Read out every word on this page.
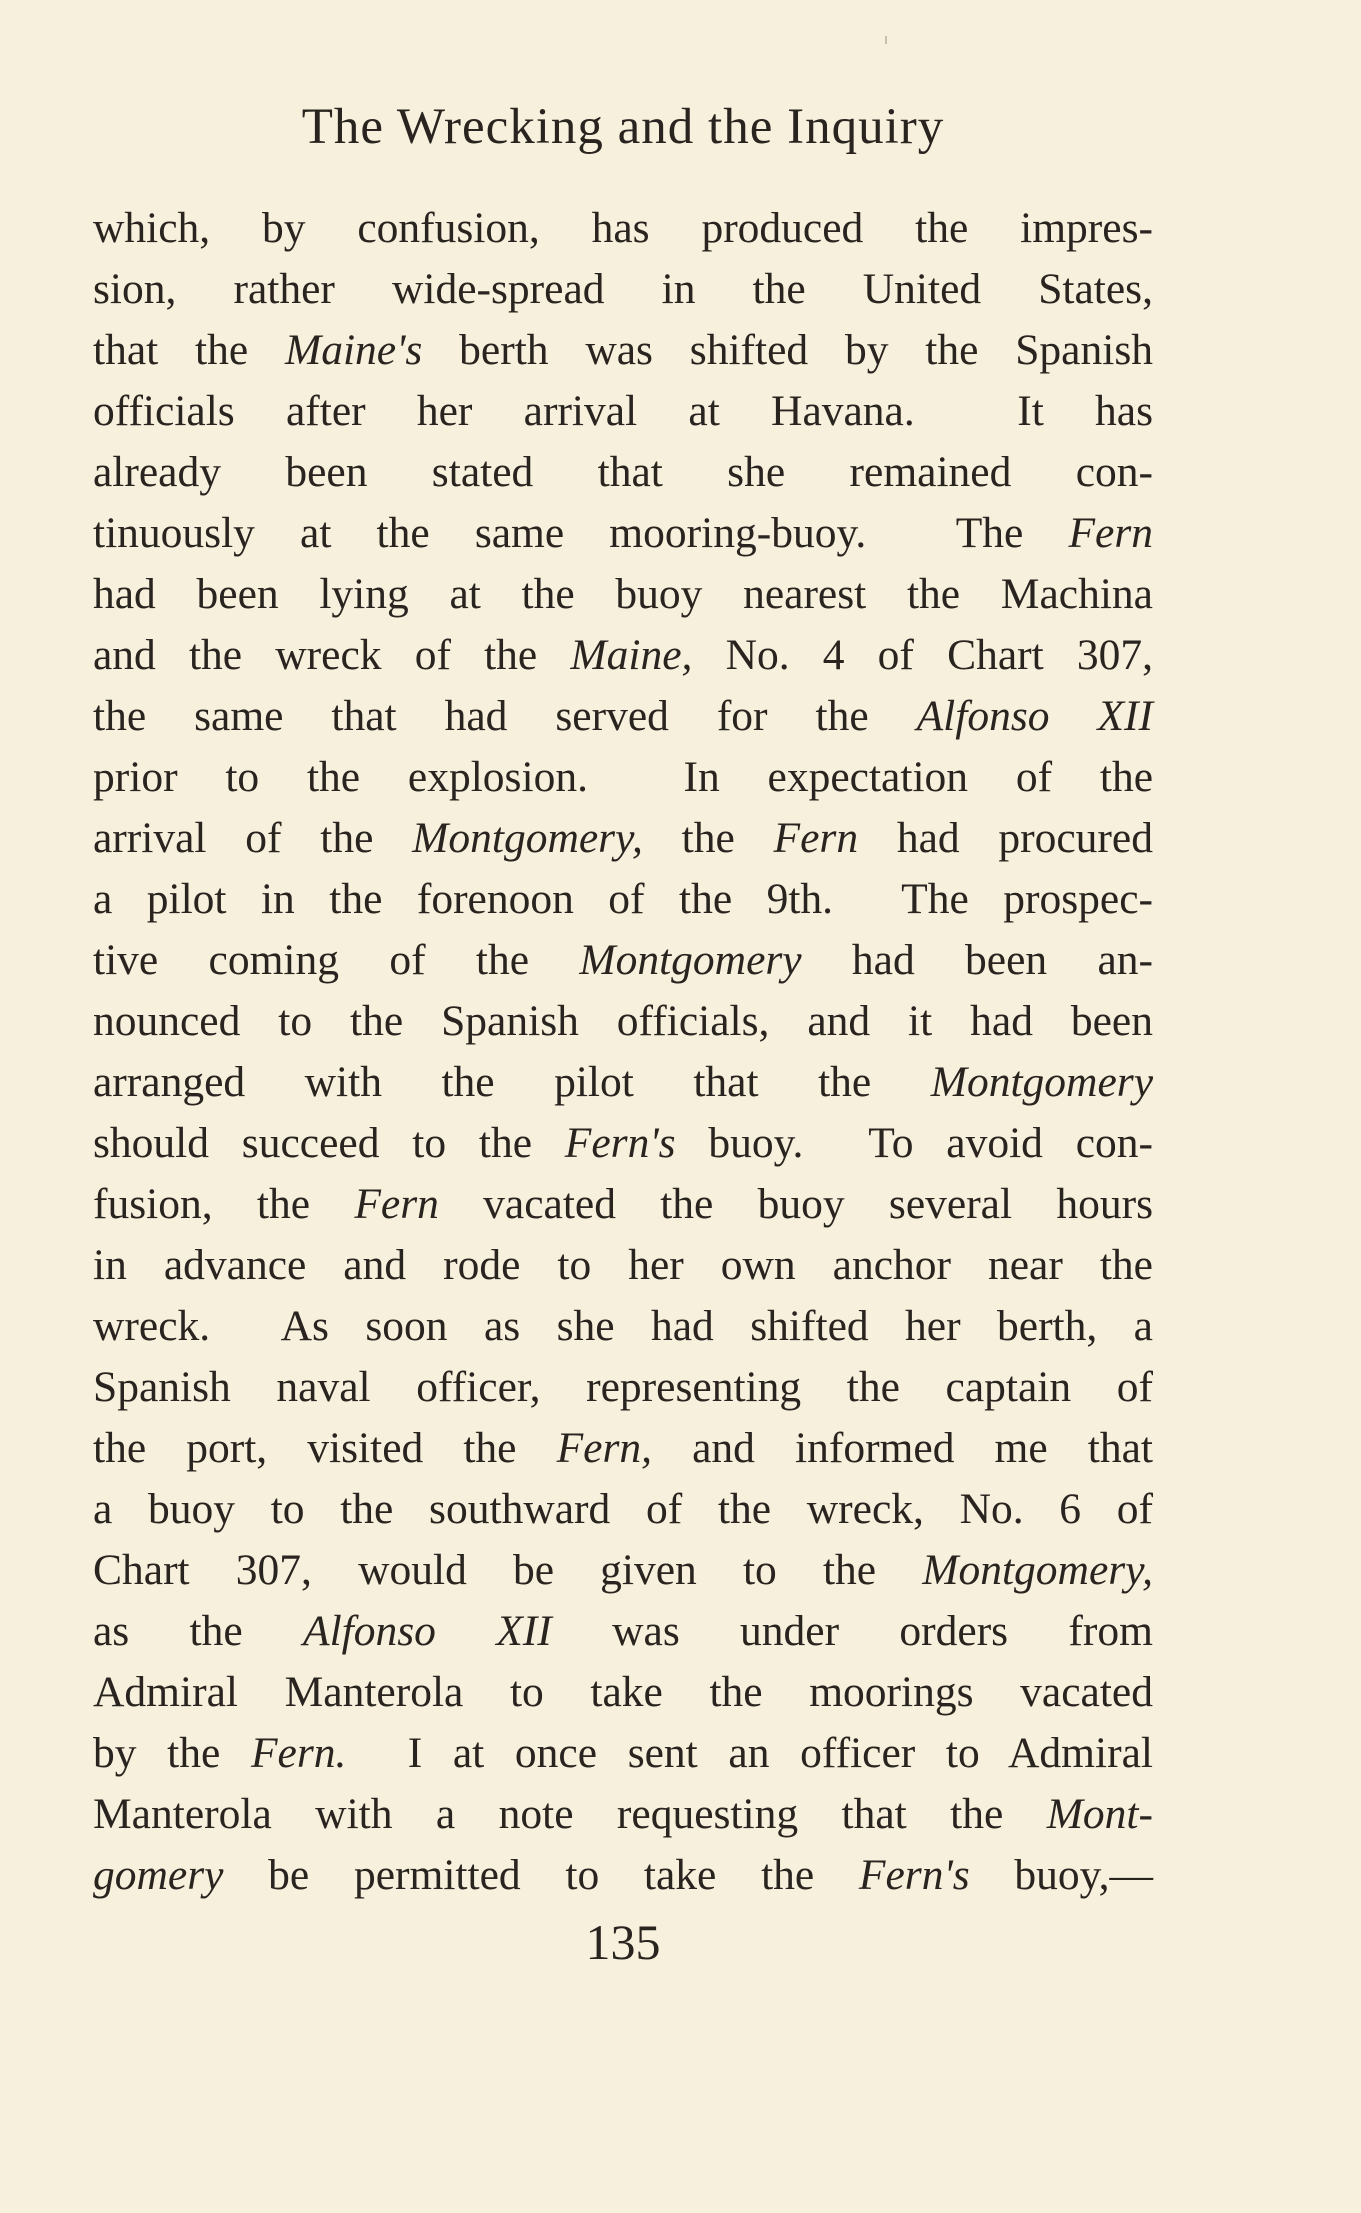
The Wrecking and the Inquiry
which, by confusion, has produced the impres-
sion, rather wide-spread in the United States,
that the Maine's berth was shifted by the Spanish
officials after her arrival at Havana.  It has
already been stated that she remained con-
tinuously at the same mooring-buoy.  The Fern
had been lying at the buoy nearest the Machina
and the wreck of the Maine, No. 4 of Chart 307,
the same that had served for the Alfonso XII
prior to the explosion.  In expectation of the
arrival of the Montgomery, the Fern had procured
a pilot in the forenoon of the 9th.  The prospec-
tive coming of the Montgomery had been an-
nounced to the Spanish officials, and it had been
arranged with the pilot that the Montgomery
should succeed to the Fern's buoy.  To avoid con-
fusion, the Fern vacated the buoy several hours
in advance and rode to her own anchor near the
wreck.  As soon as she had shifted her berth, a
Spanish naval officer, representing the captain of
the port, visited the Fern, and informed me that
a buoy to the southward of the wreck, No. 6 of
Chart 307, would be given to the Montgomery,
as the Alfonso XII was under orders from
Admiral Manterola to take the moorings vacated
by the Fern.  I at once sent an officer to Admiral
Manterola with a note requesting that the Mont-
gomery be permitted to take the Fern's buoy,—
135
